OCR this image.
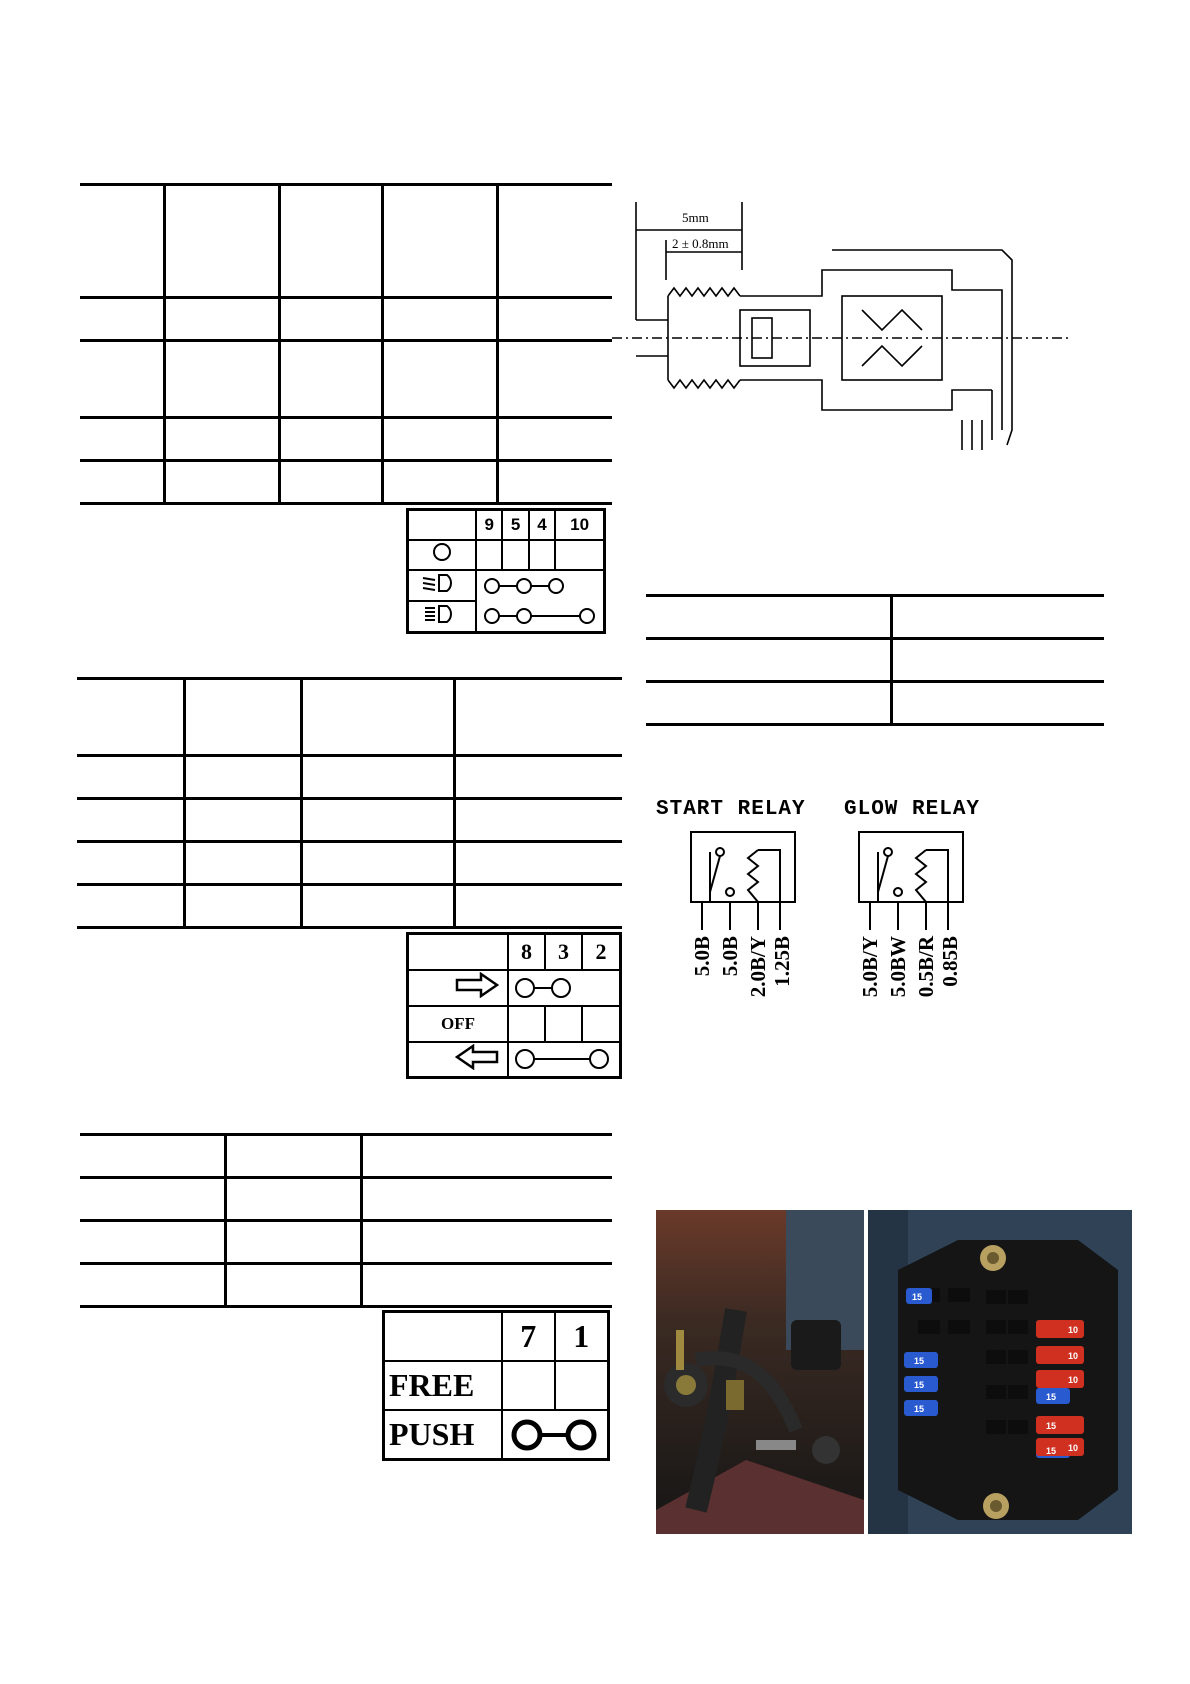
	9	5	4	10

	8	3	2

OFF			

	7	1
FREE		
PUSH	
5mm
2 ± 0.8mm

START RELAY GLOW RELAY
5.0B 5.0B 2.0B/Y 1.25B	5.0B/Y 5.0BW 0.5B/R 0.85B
15
15
15
15
15
10
10
15
10
15
10
